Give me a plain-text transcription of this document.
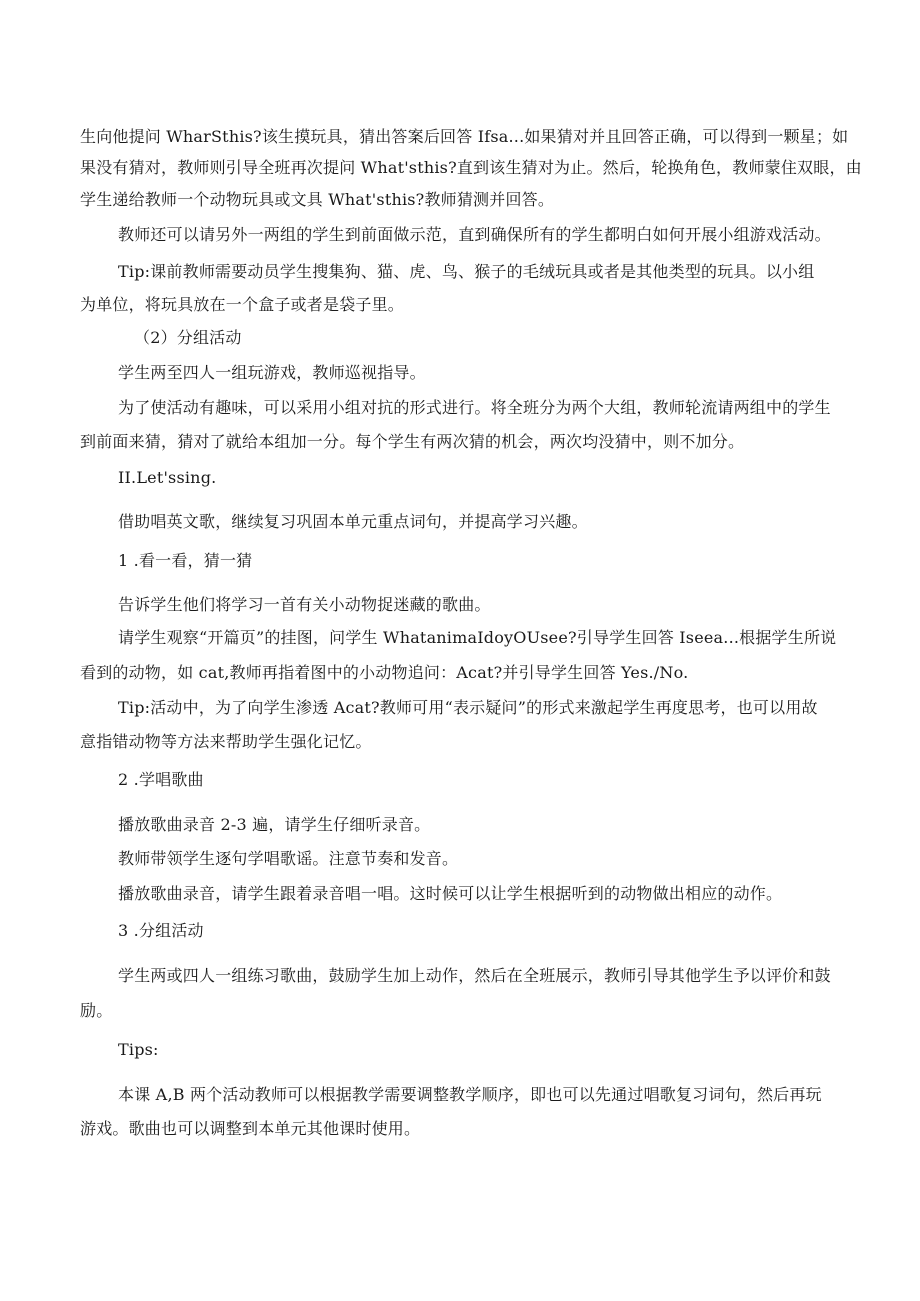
生向他提问 WharSthis?该生摸玩具，猜出答案后回答 Ifsa...如果猜对并且回答正确，可以得到一颗星；如
果没有猜对，教师则引导全班再次提问 What'sthis?直到该生猜对为止。然后，轮换角色，教师蒙住双眼，由
学生递给教师一个动物玩具或文具 What'sthis?教师猜测并回答。
教师还可以请另外一两组的学生到前面做示范，直到确保所有的学生都明白如何开展小组游戏活动。
Tip:课前教师需要动员学生搜集狗、猫、虎、鸟、猴子的毛绒玩具或者是其他类型的玩具。以小组
为单位，将玩具放在一个盒子或者是袋子里。
（2）分组活动
学生两至四人一组玩游戏，教师巡视指导。
为了使活动有趣味，可以采用小组对抗的形式进行。将全班分为两个大组，教师轮流请两组中的学生
到前面来猜，猜对了就给本组加一分。每个学生有两次猜的机会，两次均没猜中，则不加分。
II.Let'ssing.
借助唱英文歌，继续复习巩固本单元重点词句，并提高学习兴趣。
1 .看一看，猜一猜
告诉学生他们将学习一首有关小动物捉迷藏的歌曲。
请学生观察“开篇页”的挂图，问学生 WhatanimaIdoyOUsee?引导学生回答 Iseea...根据学生所说
看到的动物，如 cat,教师再指着图中的小动物追问：Acat?并引导学生回答 Yes./No.
Tip:活动中，为了向学生渗透 Acat?教师可用“表示疑问”的形式来激起学生再度思考，也可以用故
意指错动物等方法来帮助学生强化记忆。
2 .学唱歌曲
播放歌曲录音 2-3 遍，请学生仔细听录音。
教师带领学生逐句学唱歌谣。注意节奏和发音。
播放歌曲录音，请学生跟着录音唱一唱。这时候可以让学生根据听到的动物做出相应的动作。
3 .分组活动
学生两或四人一组练习歌曲，鼓励学生加上动作，然后在全班展示，教师引导其他学生予以评价和鼓
励。
Tips:
本课 A,B 两个活动教师可以根据教学需要调整教学顺序，即也可以先通过唱歌复习词句，然后再玩
游戏。歌曲也可以调整到本单元其他课时使用。
